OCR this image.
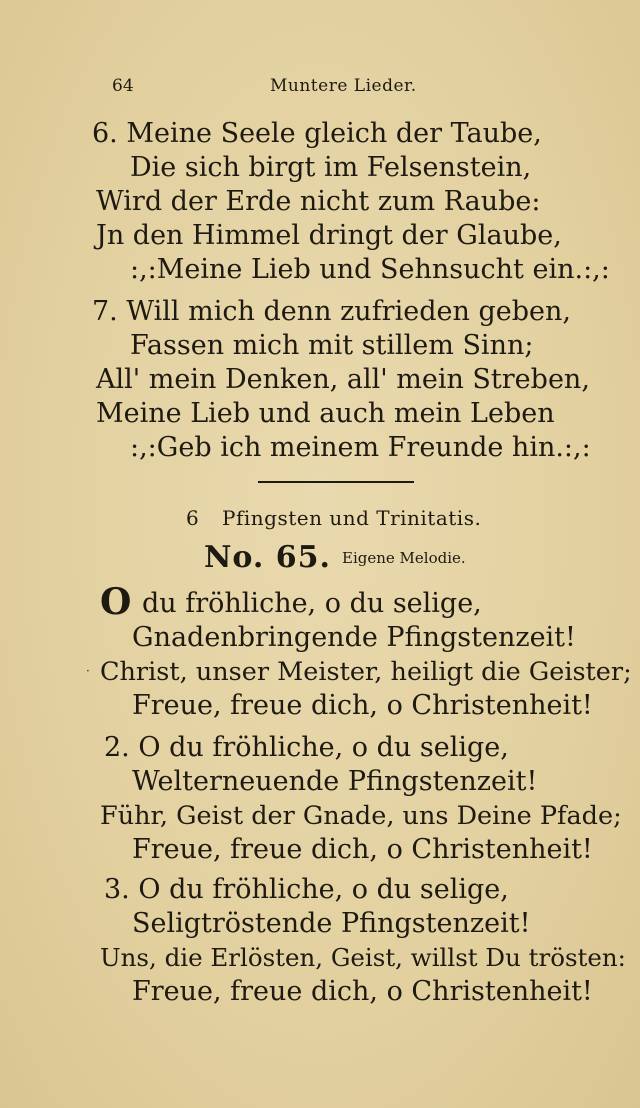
64	Muntere Lieder.
6. Meine Seele gleich der Taube,
Die sich birgt im Felsenstein,
Wird der Erde nicht zum Raube:
Jn den Himmel dringt der Glaube,
:,:Meine Lieb und Sehnsucht ein.:,:
7. Will mich denn zufrieden geben,
Fassen mich mit stillem Sinn;
All' mein Denken, all' mein Streben,
Meine Lieb und auch mein Leben
:,:Geb ich meinem Freunde hin.:,:
6 Pfingsten und Trinitatis.
No. 65. Eigene Melodie.
O du fröhliche, o du selige,
Gnadenbringende Pfingstenzeit!
· Christ, unser Meister, heiligt die Geister;
Freue, freue dich, o Christenheit!
2. O du fröhliche, o du selige,
Welterneuende Pfingstenzeit!
Führ, Geist der Gnade, uns Deine Pfade;
Freue, freue dich, o Christenheit!
3. O du fröhliche, o du selige,
Seligtröstende Pfingstenzeit!
Uns, die Erlösten, Geist, willst Du trösten:
Freue, freue dich, o Christenheit!
